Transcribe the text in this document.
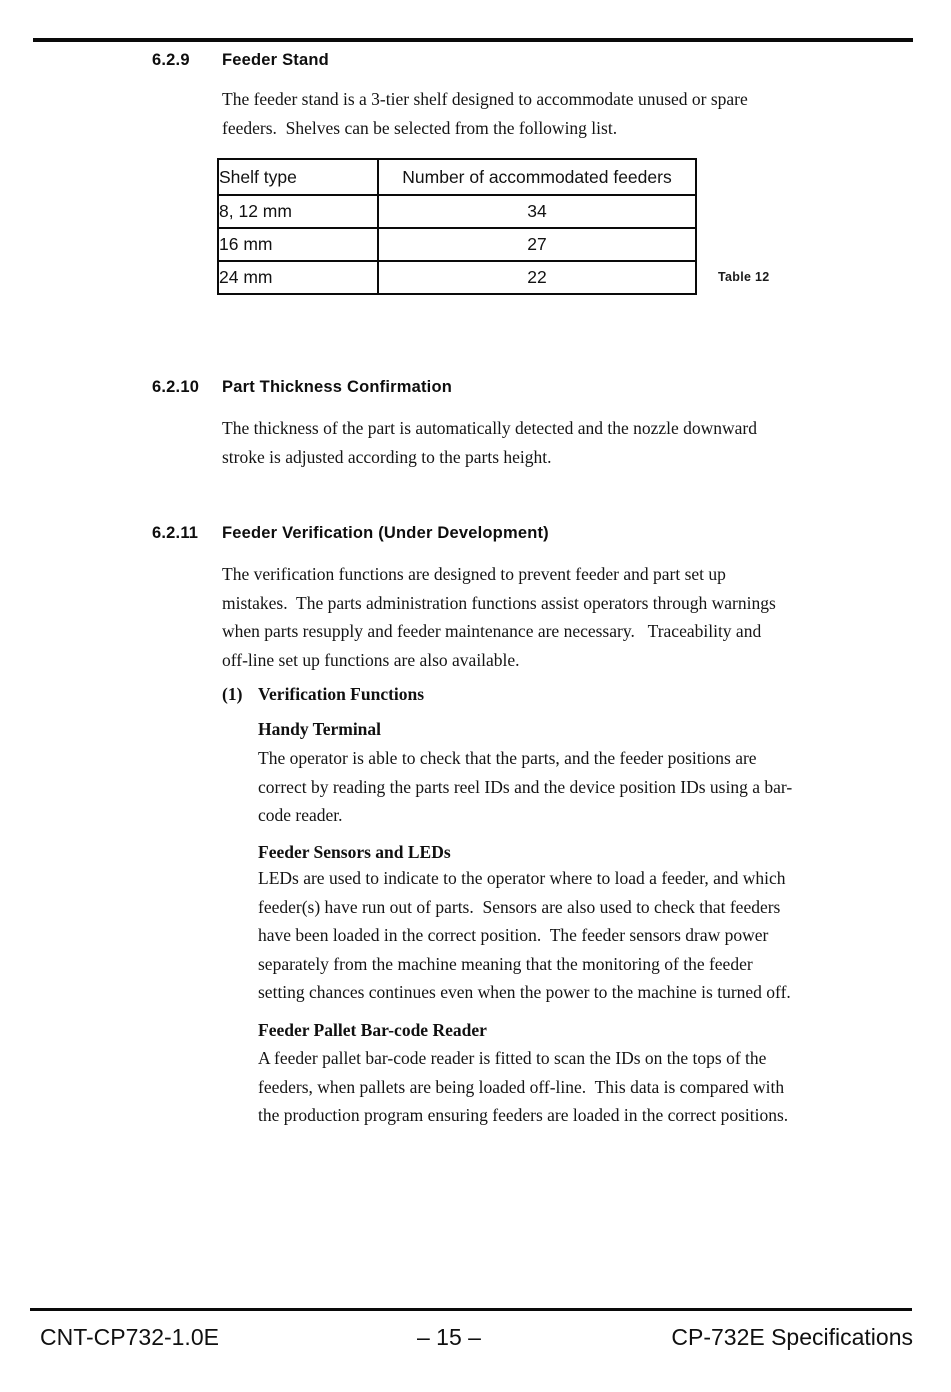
6.2.9	Feeder Stand
The feeder stand is a 3-tier shelf designed to accommodate unused or spare
feeders.  Shelves can be selected from the following list.
Shelf type	Number of accommodated feeders
8, 12 mm	34
16 mm	27
24 mm	22	Table 12
6.2.10	Part Thickness Confirmation
The thickness of the part is automatically detected and the nozzle downward
stroke is adjusted according to the parts height.
6.2.11	Feeder Verification (Under Development)
The verification functions are designed to prevent feeder and part set up
mistakes.  The parts administration functions assist operators through warnings
when parts resupply and feeder maintenance are necessary.   Traceability and
off-line set up functions are also available.
(1) Verification Functions
Handy Terminal
The operator is able to check that the parts, and the feeder positions are
correct by reading the parts reel IDs and the device position IDs using a bar-
code reader.
Feeder Sensors and LEDs
LEDs are used to indicate to the operator where to load a feeder, and which
feeder(s) have run out of parts.  Sensors are also used to check that feeders
have been loaded in the correct position.  The feeder sensors draw power
separately from the machine meaning that the monitoring of the feeder
setting chances continues even when the power to the machine is turned off.
Feeder Pallet Bar-code Reader
A feeder pallet bar-code reader is fitted to scan the IDs on the tops of the
feeders, when pallets are being loaded off-line.  This data is compared with
the production program ensuring feeders are loaded in the correct positions.
CNT-CP732-1.0E	– 15 –	CP-732E Specifications
